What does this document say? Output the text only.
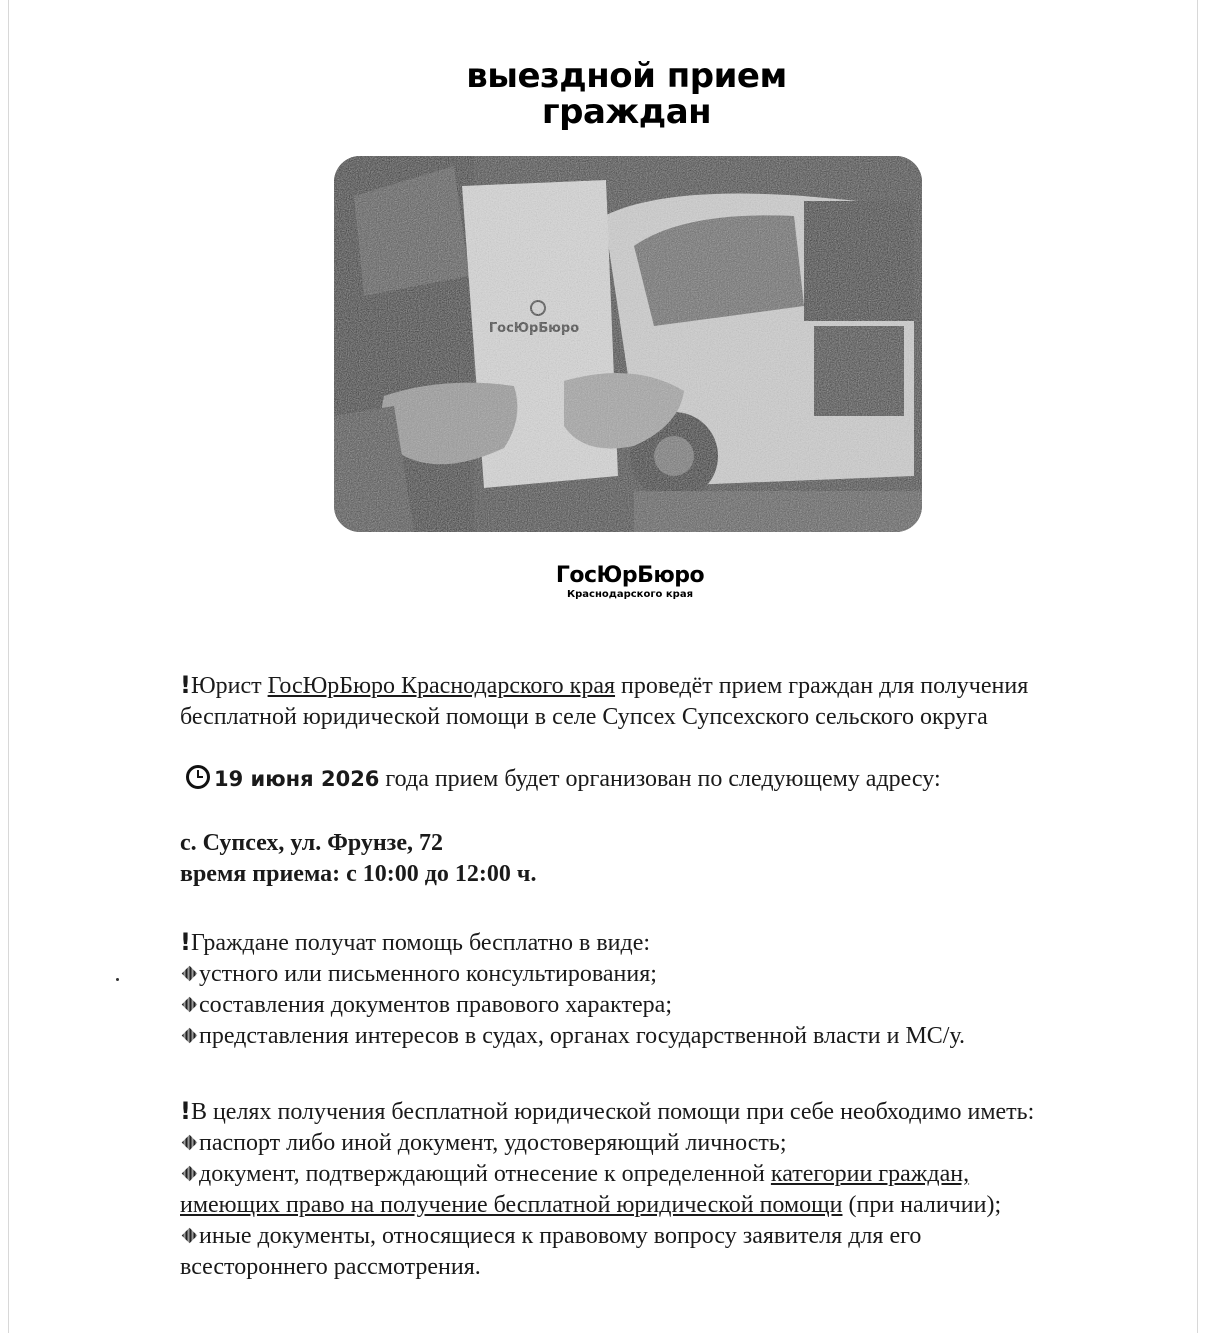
выездной прием
граждан
ГосЮрБюро
ГосЮрБюро
Краснодарского края
!Юрист ГосЮрБюро Краснодарского края проведёт прием граждан для получения
бесплатной юридической помощи в селе Супсех Супсехского сельского округа
19 июня 2026 года прием будет организован по следующему адресу:
с. Супсех, ул. Фрунзе, 72
время приема: с 10:00 до 12:00 ч.
!Граждане получат помощь бесплатно в виде:
устного или письменного консультирования;
составления документов правового характера;
представления интересов в судах, органах государственной власти и МС/у.
!В целях получения бесплатной юридической помощи при себе необходимо иметь:
паспорт либо иной документ, удостоверяющий личность;
документ, подтверждающий отнесение к определенной категории граждан,
имеющих право на получение бесплатной юридической помощи (при наличии);
иные документы, относящиеся к правовому вопросу заявителя для его
всестороннего рассмотрения.
